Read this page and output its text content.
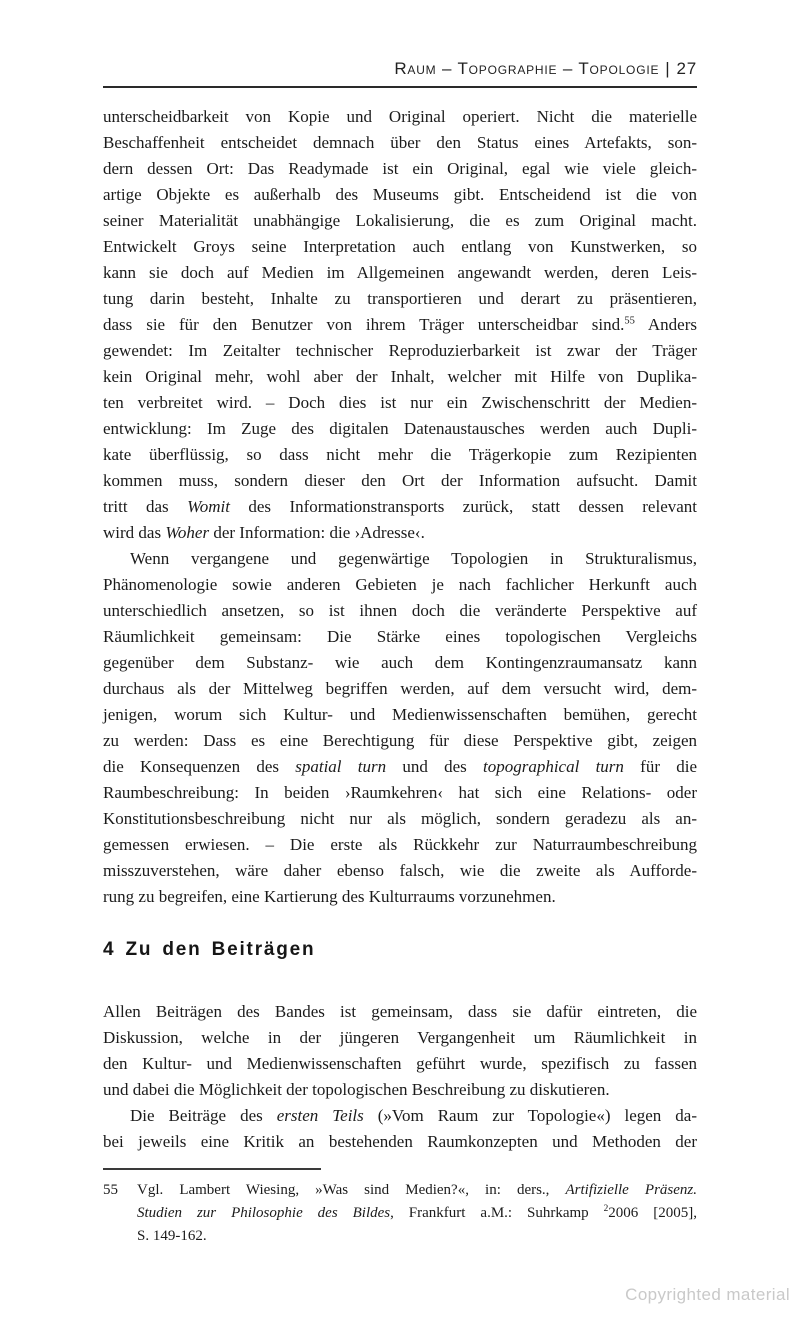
Raum – Topographie – Topologie | 27
unterscheidbarkeit von Kopie und Original operiert. Nicht die materielle
Beschaffenheit entscheidet demnach über den Status eines Artefakts, son-
dern dessen Ort: Das Readymade ist ein Original, egal wie viele gleich-
artige Objekte es außerhalb des Museums gibt. Entscheidend ist die von
seiner Materialität unabhängige Lokalisierung, die es zum Original macht.
Entwickelt Groys seine Interpretation auch entlang von Kunstwerken, so
kann sie doch auf Medien im Allgemeinen angewandt werden, deren Leis-
tung darin besteht, Inhalte zu transportieren und derart zu präsentieren,
dass sie für den Benutzer von ihrem Träger unterscheidbar sind.$^{55}$ Anders
gewendet: Im Zeitalter technischer Reproduzierbarkeit ist zwar der Träger
kein Original mehr, wohl aber der Inhalt, welcher mit Hilfe von Duplika-
ten verbreitet wird. – Doch dies ist nur ein Zwischenschritt der Medien-
entwicklung: Im Zuge des digitalen Datenaustausches werden auch Dupli-
kate überflüssig, so dass nicht mehr die Trägerkopie zum Rezipienten
kommen muss, sondern dieser den Ort der Information aufsucht. Damit
tritt das Womit des Informationstransports zurück, statt dessen relevant
wird das Woher der Information: die ›Adresse‹.
Wenn vergangene und gegenwärtige Topologien in Strukturalismus,
Phänomenologie sowie anderen Gebieten je nach fachlicher Herkunft auch
unterschiedlich ansetzen, so ist ihnen doch die veränderte Perspektive auf
Räumlichkeit gemeinsam: Die Stärke eines topologischen Vergleichs
gegenüber dem Substanz- wie auch dem Kontingenzraumansatz kann
durchaus als der Mittelweg begriffen werden, auf dem versucht wird, dem-
jenigen, worum sich Kultur- und Medienwissenschaften bemühen, gerecht
zu werden: Dass es eine Berechtigung für diese Perspektive gibt, zeigen
die Konsequenzen des spatial turn und des topographical turn für die
Raumbeschreibung: In beiden ›Raumkehren‹ hat sich eine Relations- oder
Konstitutionsbeschreibung nicht nur als möglich, sondern geradezu als an-
gemessen erwiesen. – Die erste als Rückkehr zur Naturraumbeschreibung
misszuverstehen, wäre daher ebenso falsch, wie die zweite als Aufforde-
rung zu begreifen, eine Kartierung des Kulturraums vorzunehmen.
4 Zu den Beiträgen
Allen Beiträgen des Bandes ist gemeinsam, dass sie dafür eintreten, die
Diskussion, welche in der jüngeren Vergangenheit um Räumlichkeit in
den Kultur- und Medienwissenschaften geführt wurde, spezifisch zu fassen
und dabei die Möglichkeit der topologischen Beschreibung zu diskutieren.
Die Beiträge des ersten Teils (»Vom Raum zur Topologie«) legen da-
bei jeweils eine Kritik an bestehenden Raumkonzepten und Methoden der
55 Vgl. Lambert Wiesing, »Was sind Medien?«, in: ders., Artifizielle Präsenz.
Studien zur Philosophie des Bildes, Frankfurt a.M.: Suhrkamp $^2$2006 [2005],
S. 149-162.
Copyrighted material
